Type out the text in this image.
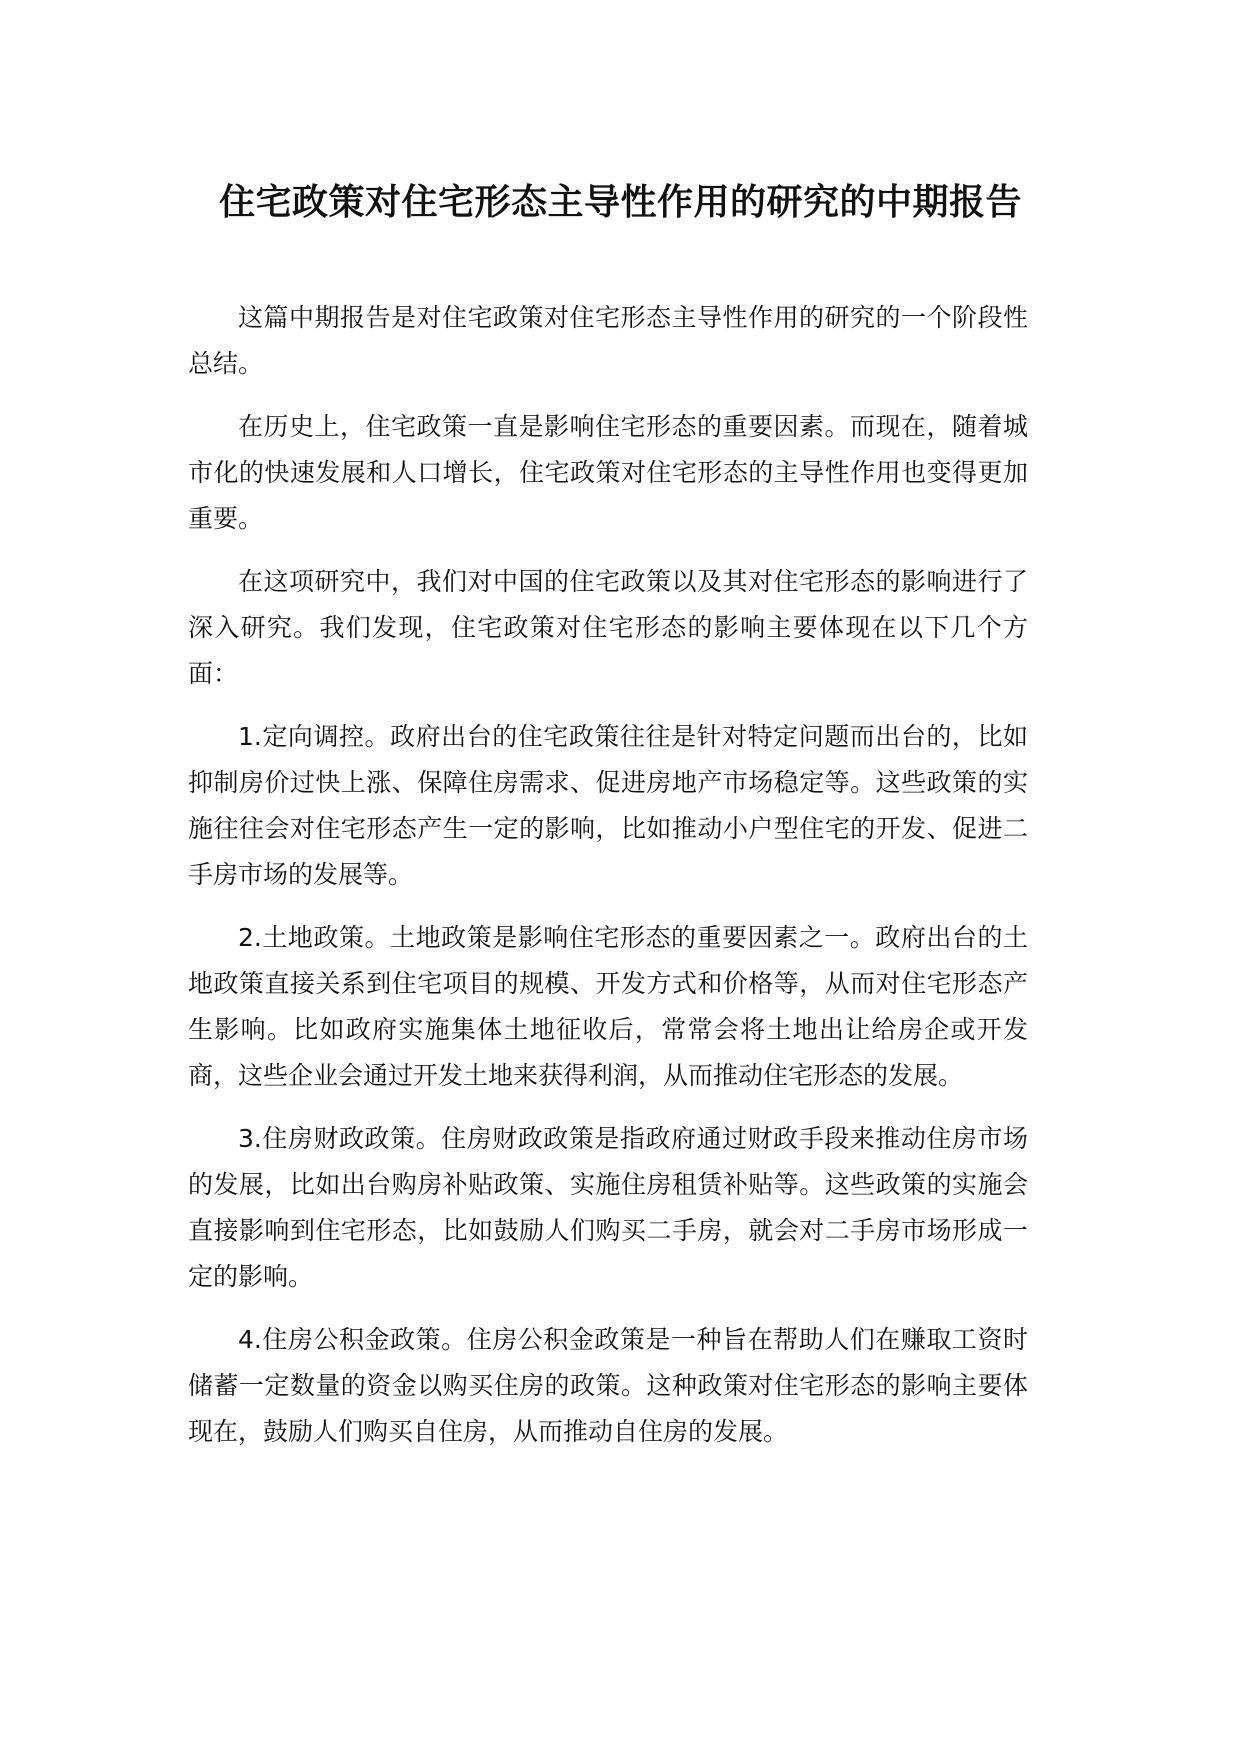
住宅政策对住宅形态主导性作用的研究的中期报告

这篇中期报告是对住宅政策对住宅形态主导性作用的研究的一个阶段性总结。

在历史上，住宅政策一直是影响住宅形态的重要因素。而现在，随着城市化的快速发展和人口增长，住宅政策对住宅形态的主导性作用也变得更加重要。

在这项研究中，我们对中国的住宅政策以及其对住宅形态的影响进行了深入研究。我们发现，住宅政策对住宅形态的影响主要体现在以下几个方面：

1.定向调控。政府出台的住宅政策往往是针对特定问题而出台的，比如抑制房价过快上涨、保障住房需求、促进房地产市场稳定等。这些政策的实施往往会对住宅形态产生一定的影响，比如推动小户型住宅的开发、促进二手房市场的发展等。

2.土地政策。土地政策是影响住宅形态的重要因素之一。政府出台的土地政策直接关系到住宅项目的规模、开发方式和价格等，从而对住宅形态产生影响。比如政府实施集体土地征收后，常常会将土地出让给房企或开发商，这些企业会通过开发土地来获得利润，从而推动住宅形态的发展。

3.住房财政政策。住房财政政策是指政府通过财政手段来推动住房市场的发展，比如出台购房补贴政策、实施住房租赁补贴等。这些政策的实施会直接影响到住宅形态，比如鼓励人们购买二手房，就会对二手房市场形成一定的影响。

4.住房公积金政策。住房公积金政策是一种旨在帮助人们在赚取工资时储蓄一定数量的资金以购买住房的政策。这种政策对住宅形态的影响主要体现在，鼓励人们购买自住房，从而推动自住房的发展。
